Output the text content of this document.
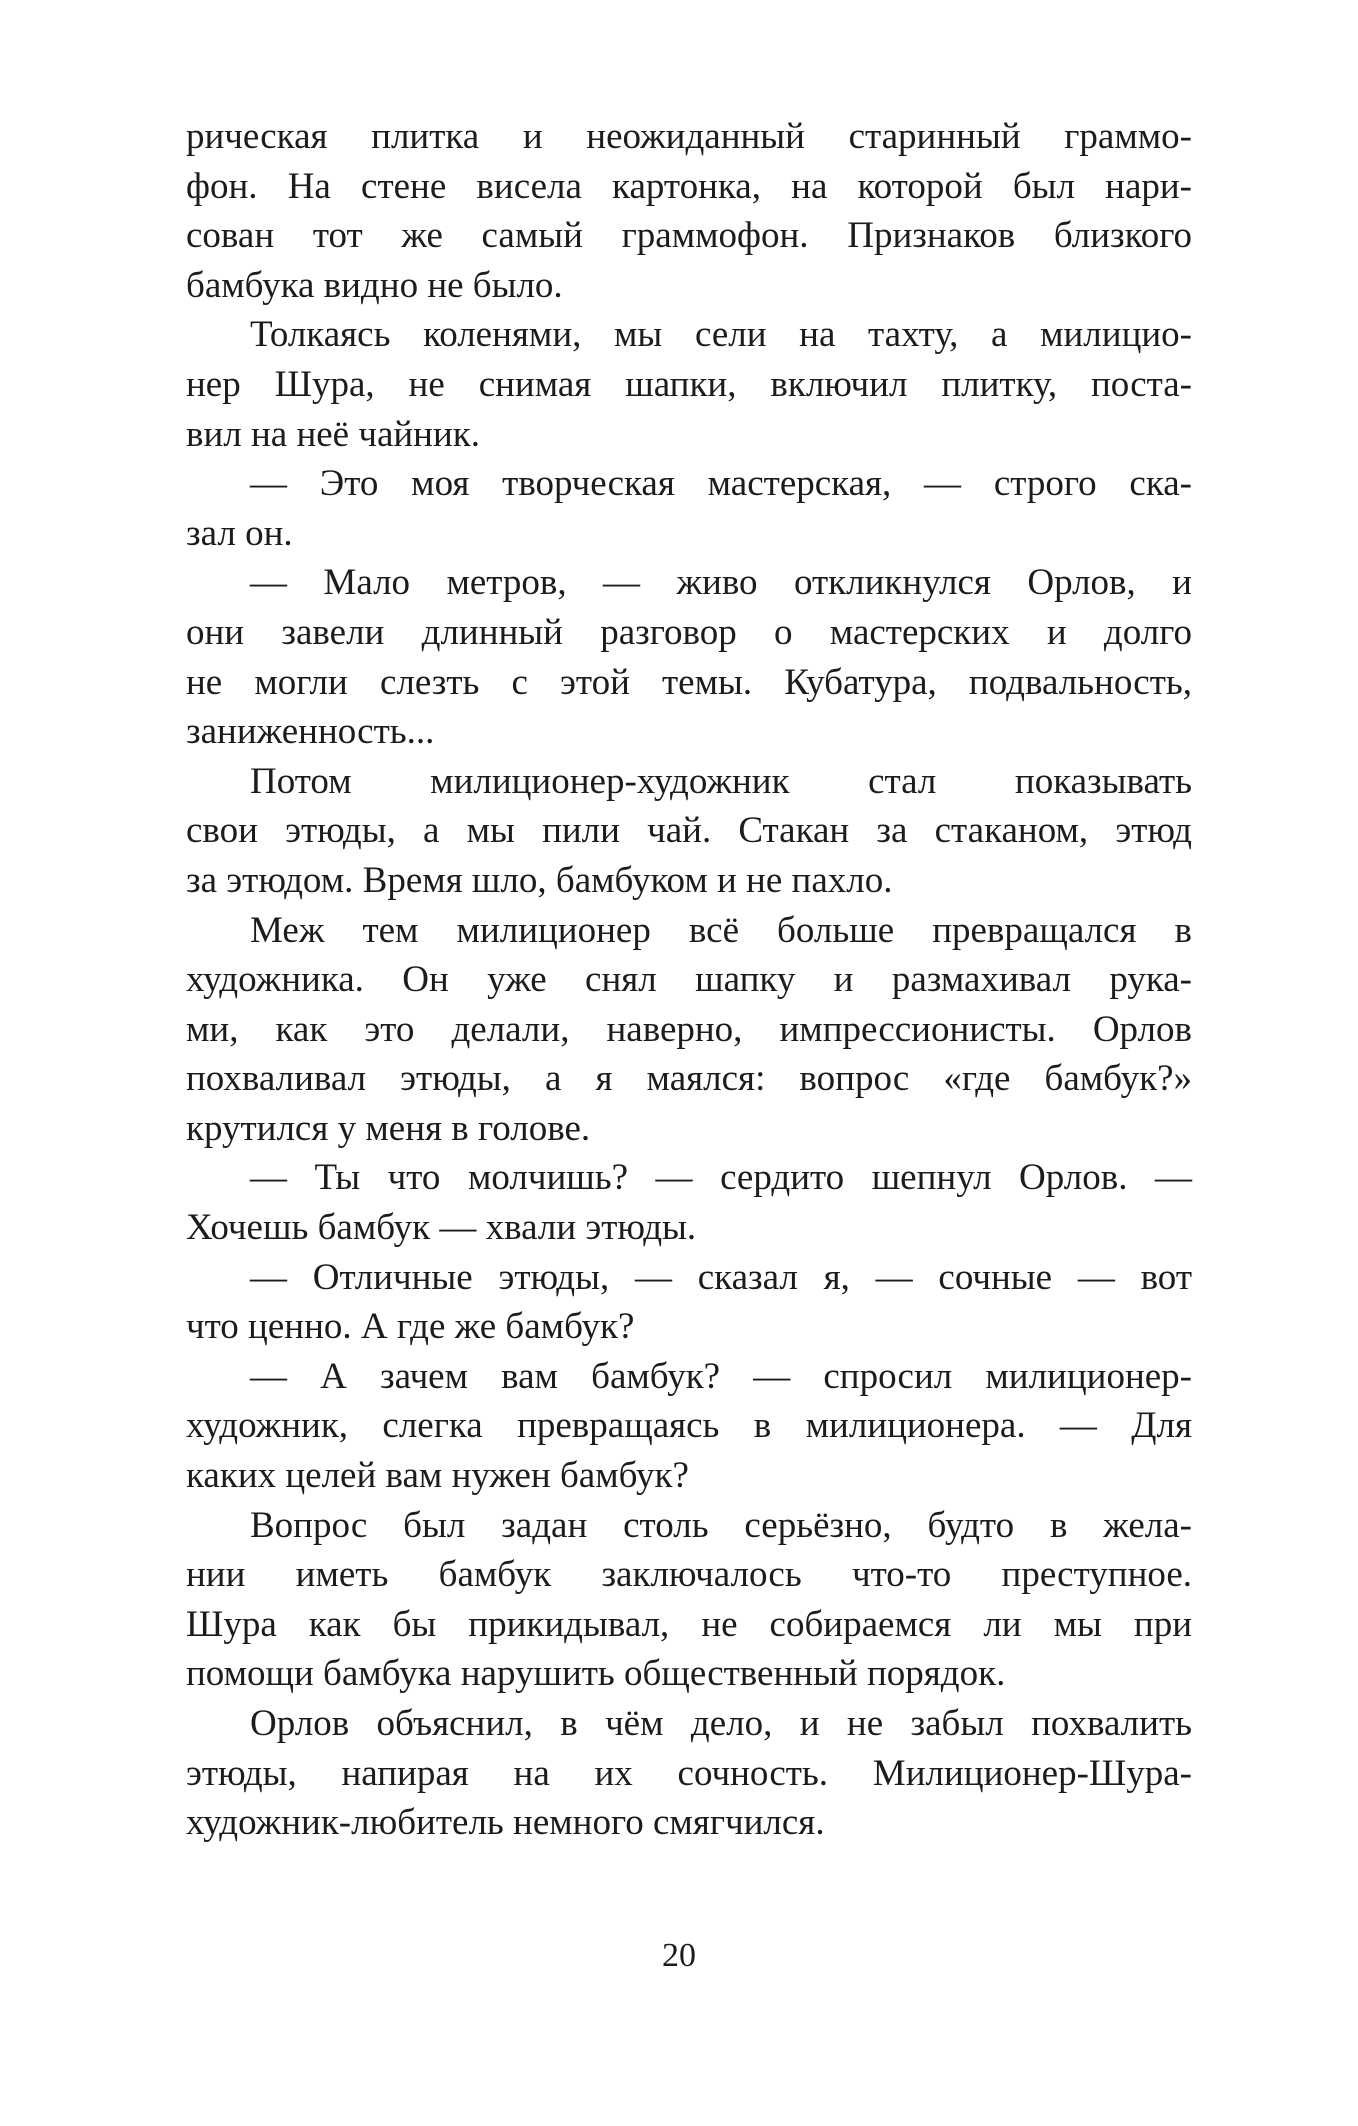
рическая плитка и неожиданный старинный граммо-
фон. На стене висела картонка, на которой был нари-
сован тот же самый граммофон. Признаков близкого
бамбука видно не было.
Толкаясь коленями, мы сели на тахту, а милицио-
нер Шура, не снимая шапки, включил плитку, поста-
вил на неё чайник.
— Это моя творческая мастерская, — строго ска-
зал он.
— Мало метров, — живо откликнулся Орлов, и
они завели длинный разговор о мастерских и долго
не могли слезть с этой темы. Кубатура, подвальность,
заниженность...
Потом милиционер-художник стал показывать
свои этюды, а мы пили чай. Стакан за стаканом, этюд
за этюдом. Время шло, бамбуком и не пахло.
Меж тем милиционер всё больше превращался в
художника. Он уже снял шапку и размахивал рука-
ми, как это делали, наверно, импрессионисты. Орлов
похваливал этюды, а я маялся: вопрос «где бамбук?»
крутился у меня в голове.
— Ты что молчишь? — сердито шепнул Орлов. —
Хочешь бамбук — хвали этюды.
— Отличные этюды, — сказал я, — сочные — вот
что ценно. А где же бамбук?
— А зачем вам бамбук? — спросил милиционер-
художник, слегка превращаясь в милиционера. — Для
каких целей вам нужен бамбук?
Вопрос был задан столь серьёзно, будто в жела-
нии иметь бамбук заключалось что-то преступное.
Шура как бы прикидывал, не собираемся ли мы при
помощи бамбука нарушить общественный порядок.
Орлов объяснил, в чём дело, и не забыл похвалить
этюды, напирая на их сочность. Милиционер-Шура-
художник-любитель немного смягчился.
20
